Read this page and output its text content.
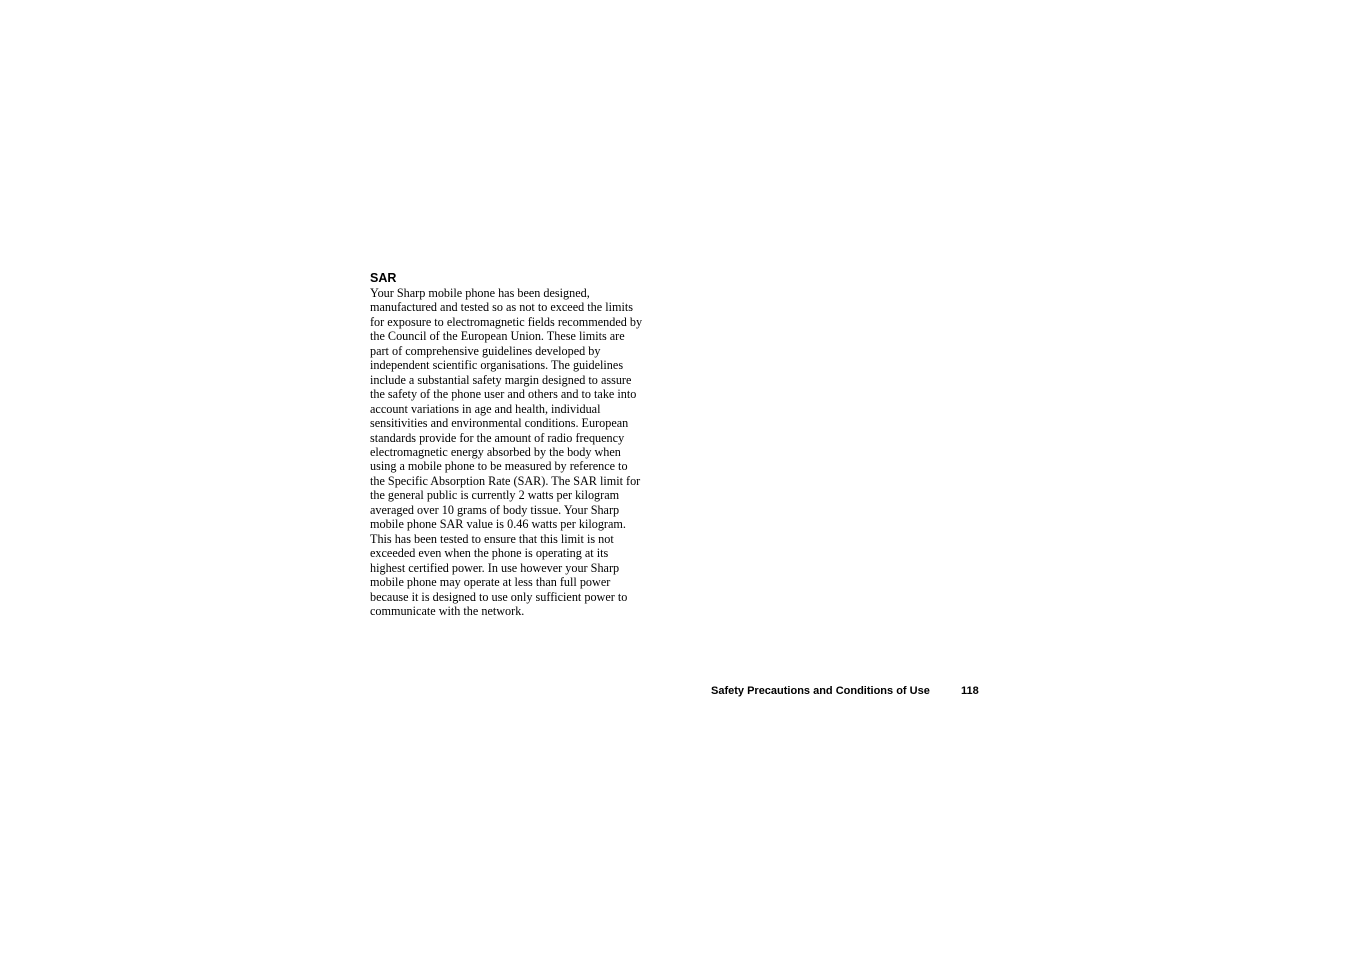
SAR

Your Sharp mobile phone has been designed,
manufactured and tested so as not to exceed the limits
for exposure to electromagnetic fields recommended by
the Council of the European Union. These limits are
part of comprehensive guidelines developed by
independent scientific organisations. The guidelines
include a substantial safety margin designed to assure
the safety of the phone user and others and to take into
account variations in age and health, individual
sensitivities and environmental conditions. European
standards provide for the amount of radio frequency
electromagnetic energy absorbed by the body when
using a mobile phone to be measured by reference to
the Specific Absorption Rate (SAR). The SAR limit for
the general public is currently 2 watts per kilogram
averaged over 10 grams of body tissue. Your Sharp
mobile phone SAR value is 0.46 watts per kilogram.
This has been tested to ensure that this limit is not
exceeded even when the phone is operating at its
highest certified power. In use however your Sharp
mobile phone may operate at less than full power
because it is designed to use only sufficient power to
communicate with the network.

Safety Precautions and Conditions of Use	118
